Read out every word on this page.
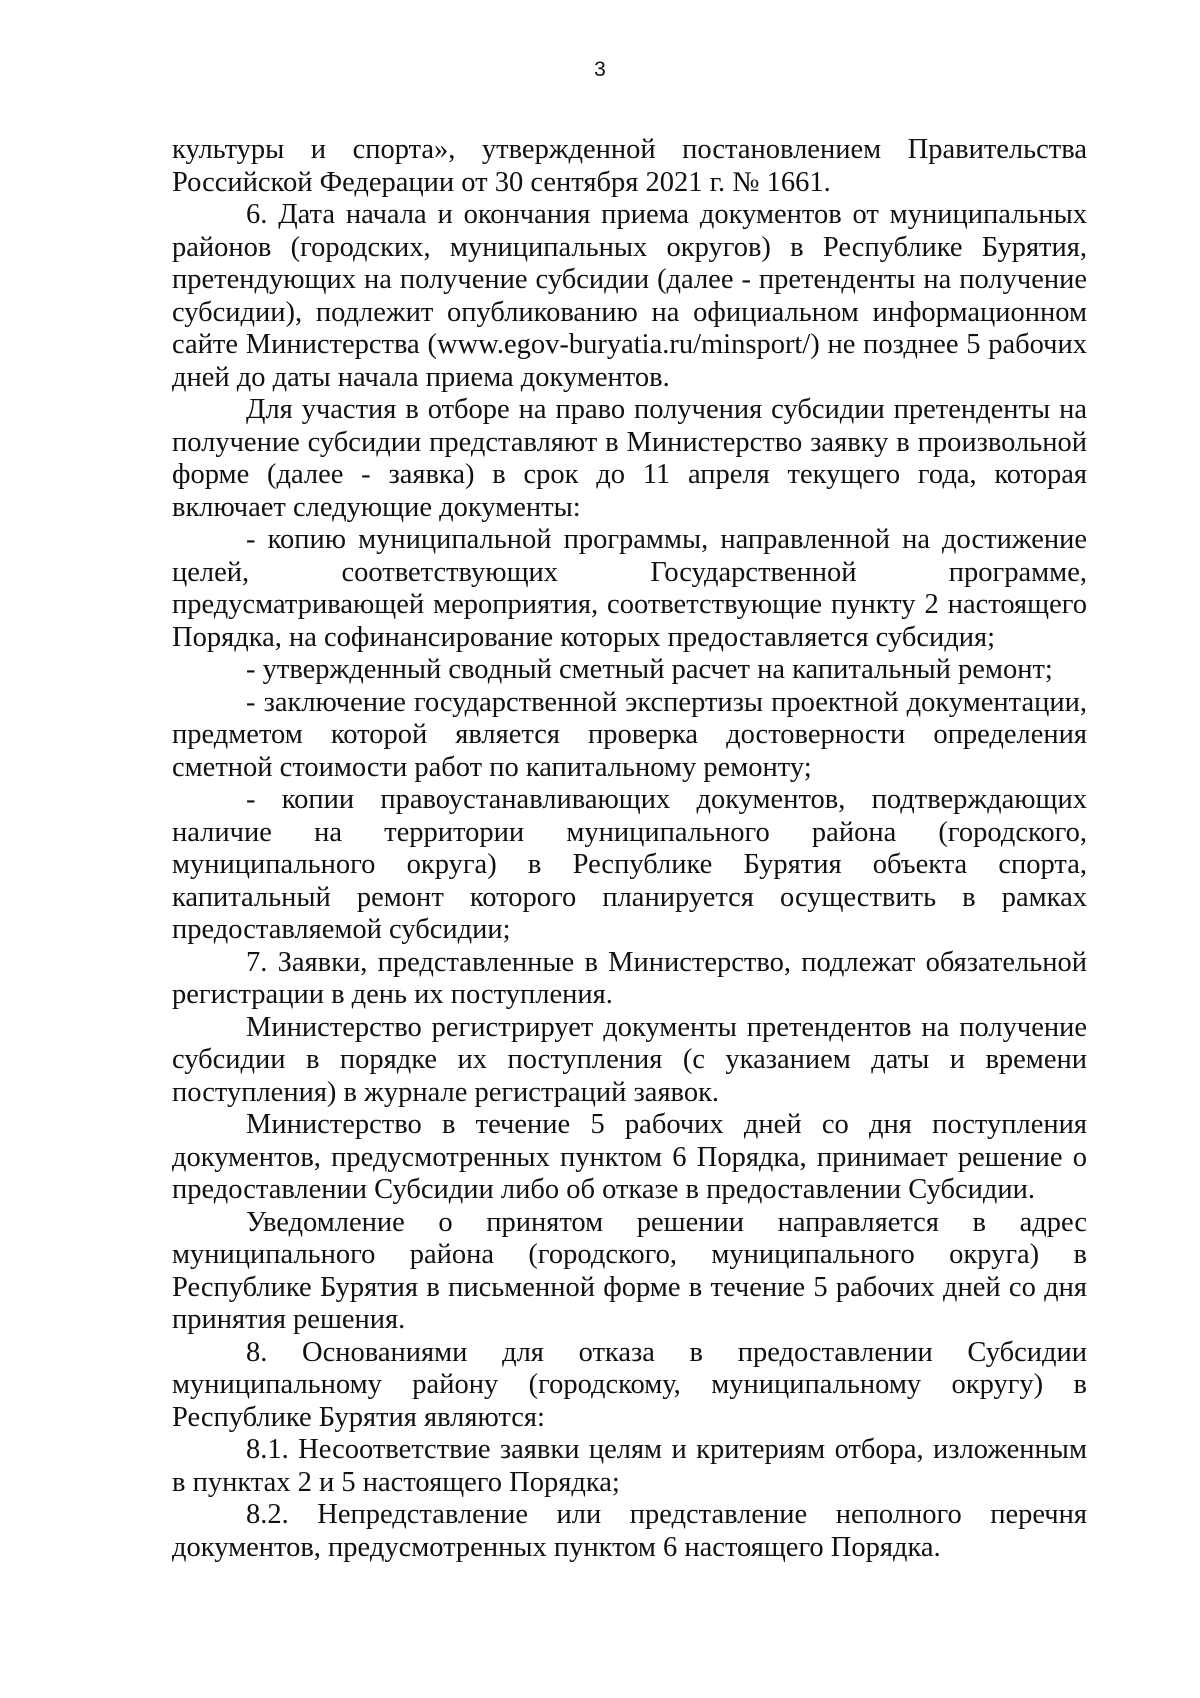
3

культуры и спорта», утвержденной постановлением Правительства Российской Федерации от 30 сентября 2021 г. № 1661.

6. Дата начала и окончания приема документов от муниципальных районов (городских, муниципальных округов) в Республике Бурятия, претендующих на получение субсидии (далее - претенденты на получение субсидии), подлежит опубликованию на официальном информационном сайте Министерства (www.egov-buryatia.ru/minsport/) не позднее 5 рабочих дней до даты начала приема документов.

Для участия в отборе на право получения субсидии претенденты на получение субсидии представляют в Министерство заявку в произвольной форме (далее - заявка) в срок до 11 апреля текущего года, которая включает следующие документы:

- копию муниципальной программы, направленной на достижение целей, соответствующих Государственной программе, предусматривающей мероприятия, соответствующие пункту 2 настоящего Порядка, на софинансирование которых предоставляется субсидия;

- утвержденный сводный сметный расчет на капитальный ремонт;

- заключение государственной экспертизы проектной документации, предметом которой является проверка достоверности определения сметной стоимости работ по капитальному ремонту;

- копии правоустанавливающих документов, подтверждающих наличие на территории муниципального района (городского, муниципального округа) в Республике Бурятия объекта спорта, капитальный ремонт которого планируется осуществить в рамках предоставляемой субсидии;

7. Заявки, представленные в Министерство, подлежат обязательной регистрации в день их поступления.

Министерство регистрирует документы претендентов на получение субсидии в порядке их поступления (с указанием даты и времени поступления) в журнале регистраций заявок.

Министерство в течение 5 рабочих дней со дня поступления документов, предусмотренных пунктом 6 Порядка, принимает решение о предоставлении Субсидии либо об отказе в предоставлении Субсидии.

Уведомление о принятом решении направляется в адрес муниципального района (городского, муниципального округа) в Республике Бурятия в письменной форме в течение 5 рабочих дней со дня принятия решения.

8. Основаниями для отказа в предоставлении Субсидии муниципальному району (городскому, муниципальному округу) в Республике Бурятия являются:

8.1. Несоответствие заявки целям и критериям отбора, изложенным в пунктах 2 и 5 настоящего Порядка;

8.2. Непредставление или представление неполного перечня документов, предусмотренных пунктом 6 настоящего Порядка.
